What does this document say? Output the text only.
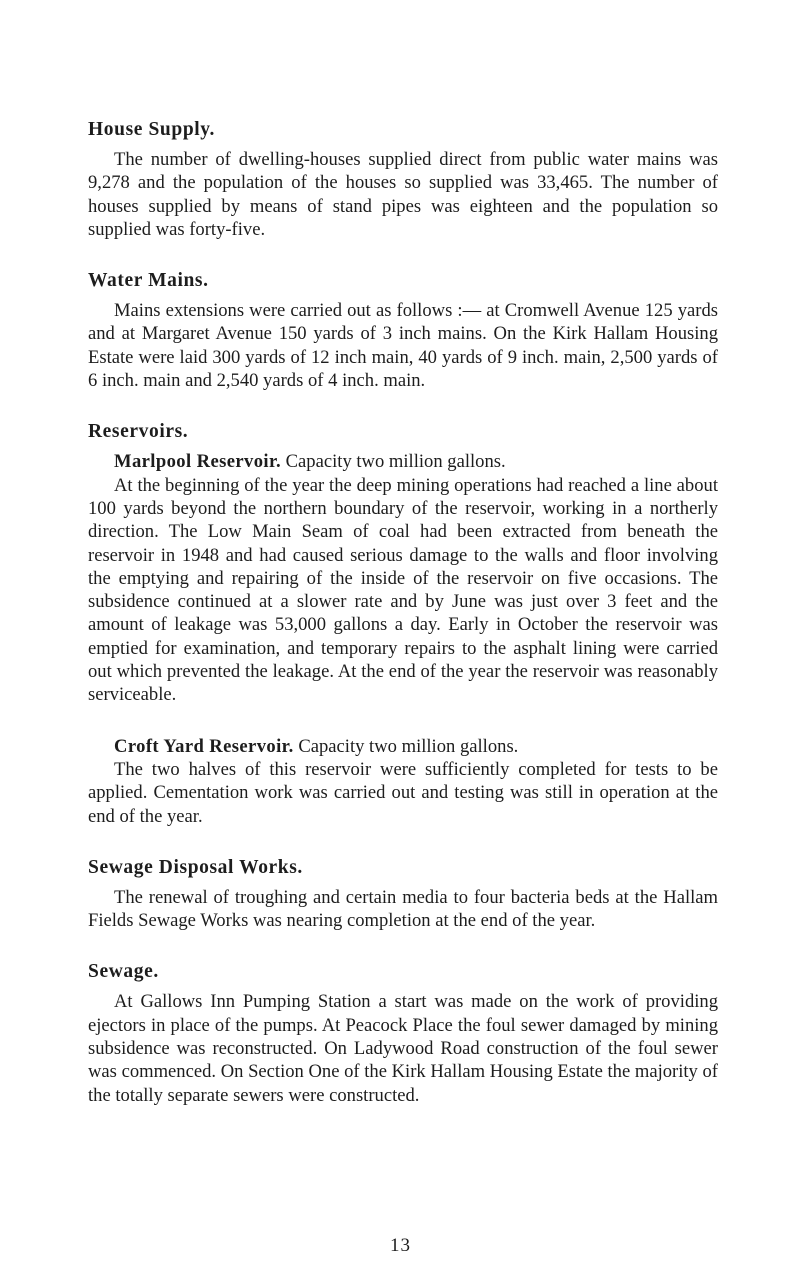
House Supply.

The number of dwelling-houses supplied direct from public water mains was 9,278 and the population of the houses so supplied was 33,465. The number of houses supplied by means of stand pipes was eighteen and the population so supplied was forty-five.

Water Mains.

Mains extensions were carried out as follows :— at Cromwell Avenue 125 yards and at Margaret Avenue 150 yards of 3 inch mains. On the Kirk Hallam Housing Estate were laid 300 yards of 12 inch main, 40 yards of 9 inch. main, 2,500 yards of 6 inch. main and 2,540 yards of 4 inch. main.

Reservoirs.

Marlpool Reservoir. Capacity two million gallons.

At the beginning of the year the deep mining operations had reached a line about 100 yards beyond the northern boundary of the reservoir, working in a northerly direction. The Low Main Seam of coal had been extracted from beneath the reservoir in 1948 and had caused serious damage to the walls and floor involving the emptying and repairing of the inside of the reservoir on five occasions. The subsidence continued at a slower rate and by June was just over 3 feet and the amount of leakage was 53,000 gallons a day. Early in October the reservoir was emptied for examination, and temporary repairs to the asphalt lining were carried out which prevented the leakage. At the end of the year the reservoir was reasonably serviceable.

Croft Yard Reservoir. Capacity two million gallons.

The two halves of this reservoir were sufficiently completed for tests to be applied. Cementation work was carried out and testing was still in operation at the end of the year.

Sewage Disposal Works.

The renewal of troughing and certain media to four bacteria beds at the Hallam Fields Sewage Works was nearing completion at the end of the year.

Sewage.

At Gallows Inn Pumping Station a start was made on the work of providing ejectors in place of the pumps. At Peacock Place the foul sewer damaged by mining subsidence was reconstructed. On Ladywood Road construction of the foul sewer was commenced. On Section One of the Kirk Hallam Housing Estate the majority of the totally separate sewers were constructed.

13
